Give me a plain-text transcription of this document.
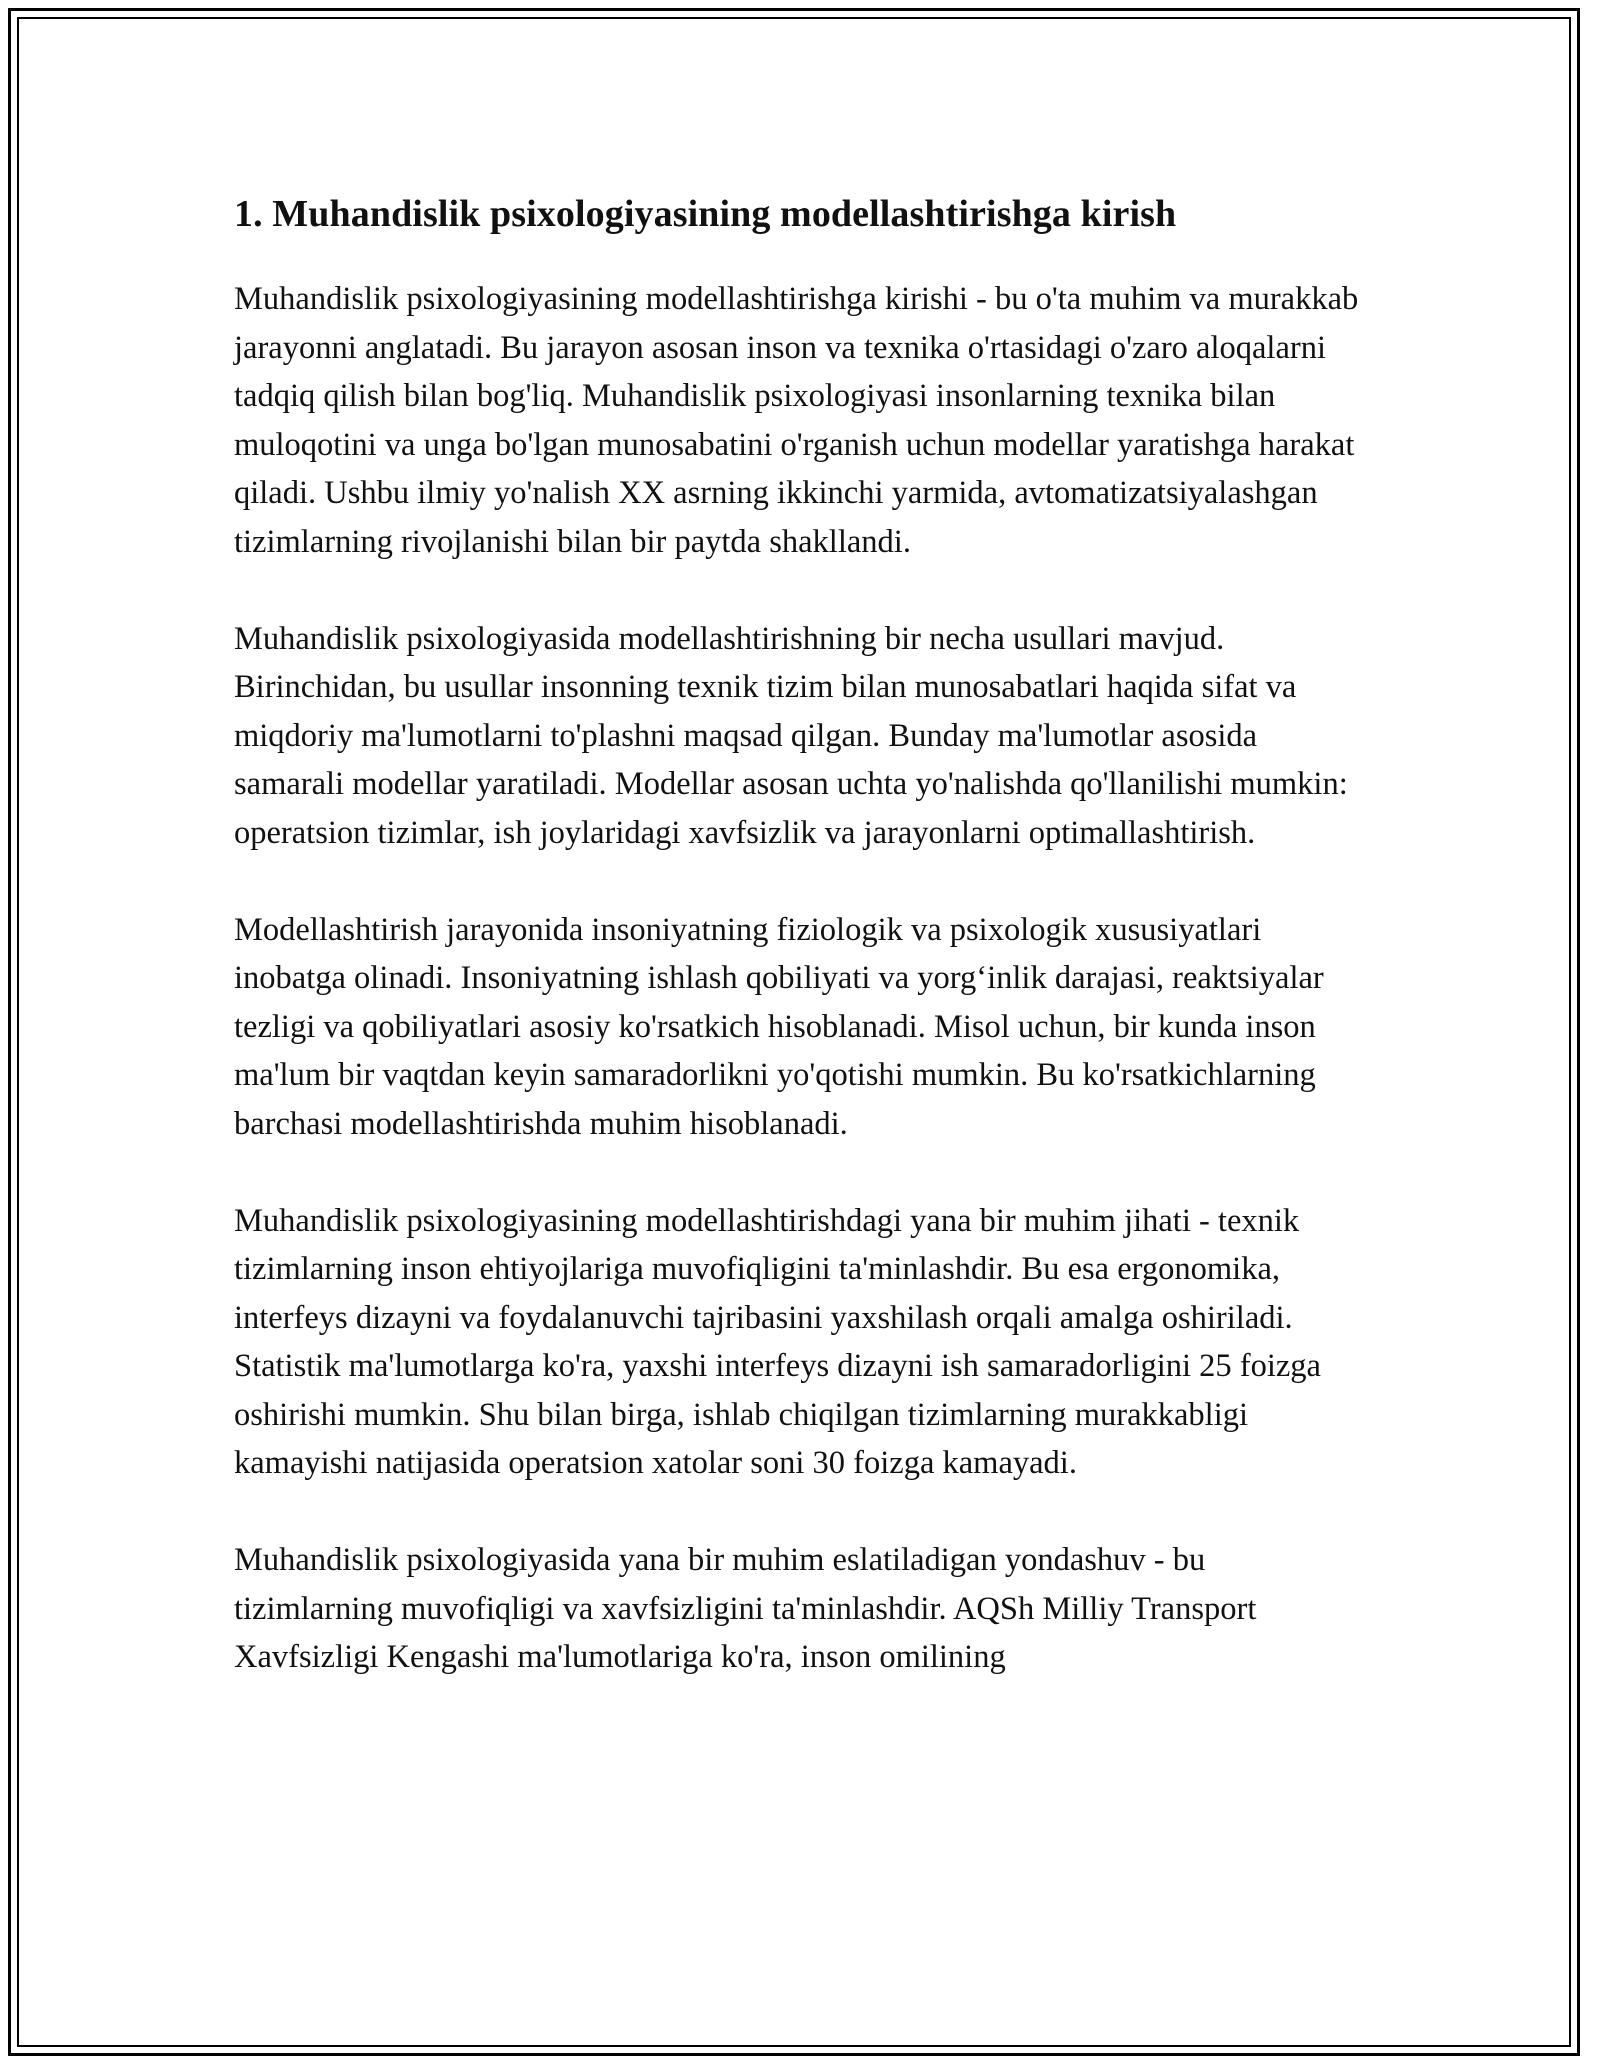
1. Muhandislik psixologiyasining modellashtirishga kirish

Muhandislik psixologiyasining modellashtirishga kirishi - bu o'ta muhim va murakkab jarayonni anglatadi. Bu jarayon asosan inson va texnika o'rtasidagi o'zaro aloqalarni tadqiq qilish bilan bog'liq. Muhandislik psixologiyasi insonlarning texnika bilan muloqotini va unga bo'lgan munosabatini o'rganish uchun modellar yaratishga harakat qiladi. Ushbu ilmiy yo'nalish XX asrning ikkinchi yarmida, avtomatizatsiyalashgan tizimlarning rivojlanishi bilan bir paytda shakllandi.

Muhandislik psixologiyasida modellashtirishning bir necha usullari mavjud. Birinchidan, bu usullar insonning texnik tizim bilan munosabatlari haqida sifat va miqdoriy ma'lumotlarni to'plashni maqsad qilgan. Bunday ma'lumotlar asosida samarali modellar yaratiladi. Modellar asosan uchta yo'nalishda qo'llanilishi mumkin: operatsion tizimlar, ish joylaridagi xavfsizlik va jarayonlarni optimallashtirish.

Modellashtirish jarayonida insoniyatning fiziologik va psixologik xususiyatlari inobatga olinadi. Insoniyatning ishlash qobiliyati va yorg‘inlik darajasi, reaktsiyalar tezligi va qobiliyatlari asosiy ko'rsatkich hisoblanadi. Misol uchun, bir kunda inson ma'lum bir vaqtdan keyin samaradorlikni yo'qotishi mumkin. Bu ko'rsatkichlarning barchasi modellashtirishda muhim hisoblanadi.

Muhandislik psixologiyasining modellashtirishdagi yana bir muhim jihati - texnik tizimlarning inson ehtiyojlariga muvofiqligini ta'minlashdir. Bu esa ergonomika, interfeys dizayni va foydalanuvchi tajribasini yaxshilash orqali amalga oshiriladi. Statistik ma'lumotlarga ko'ra, yaxshi interfeys dizayni ish samaradorligini 25 foizga oshirishi mumkin. Shu bilan birga, ishlab chiqilgan tizimlarning murakkabligi kamayishi natijasida operatsion xatolar soni 30 foizga kamayadi.

Muhandislik psixologiyasida yana bir muhim eslatiladigan yondashuv - bu tizimlarning muvofiqligi va xavfsizligini ta'minlashdir. AQSh Milliy Transport Xavfsizligi Kengashi ma'lumotlariga ko'ra, inson omilining
